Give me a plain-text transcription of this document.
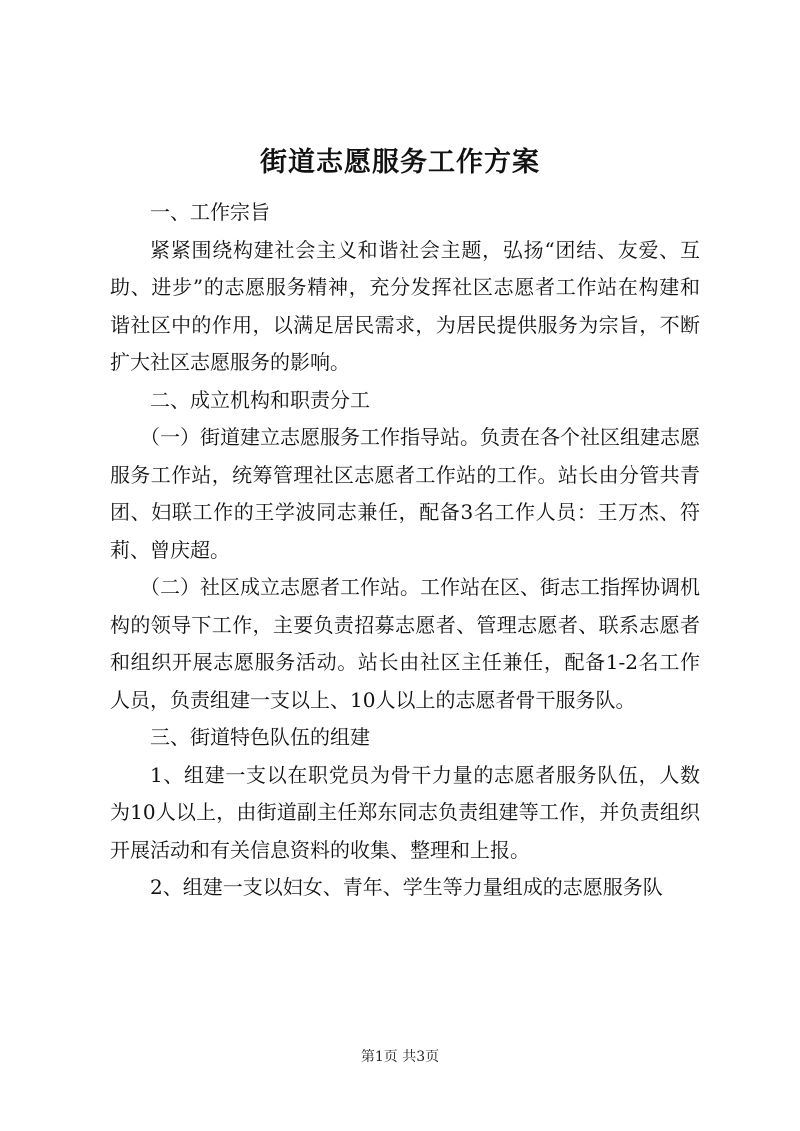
街道志愿服务工作方案

一、工作宗旨

紧紧围绕构建社会主义和谐社会主题，弘扬“团结、友爱、互助、进步”的志愿服务精神，充分发挥社区志愿者工作站在构建和谐社区中的作用，以满足居民需求，为居民提供服务为宗旨，不断扩大社区志愿服务的影响。

二、成立机构和职责分工

（一）街道建立志愿服务工作指导站。负责在各个社区组建志愿服务工作站，统筹管理社区志愿者工作站的工作。站长由分管共青团、妇联工作的王学波同志兼任，配备3名工作人员：王万杰、符莉、曾庆超。

（二）社区成立志愿者工作站。工作站在区、街志工指挥协调机构的领导下工作，主要负责招募志愿者、管理志愿者、联系志愿者和组织开展志愿服务活动。站长由社区主任兼任，配备1-2名工作人员，负责组建一支以上、10人以上的志愿者骨干服务队。

三、街道特色队伍的组建

1、组建一支以在职党员为骨干力量的志愿者服务队伍，人数为10人以上，由街道副主任郑东同志负责组建等工作，并负责组织开展活动和有关信息资料的收集、整理和上报。

2、组建一支以妇女、青年、学生等力量组成的志愿服务队

第1页 共3页
